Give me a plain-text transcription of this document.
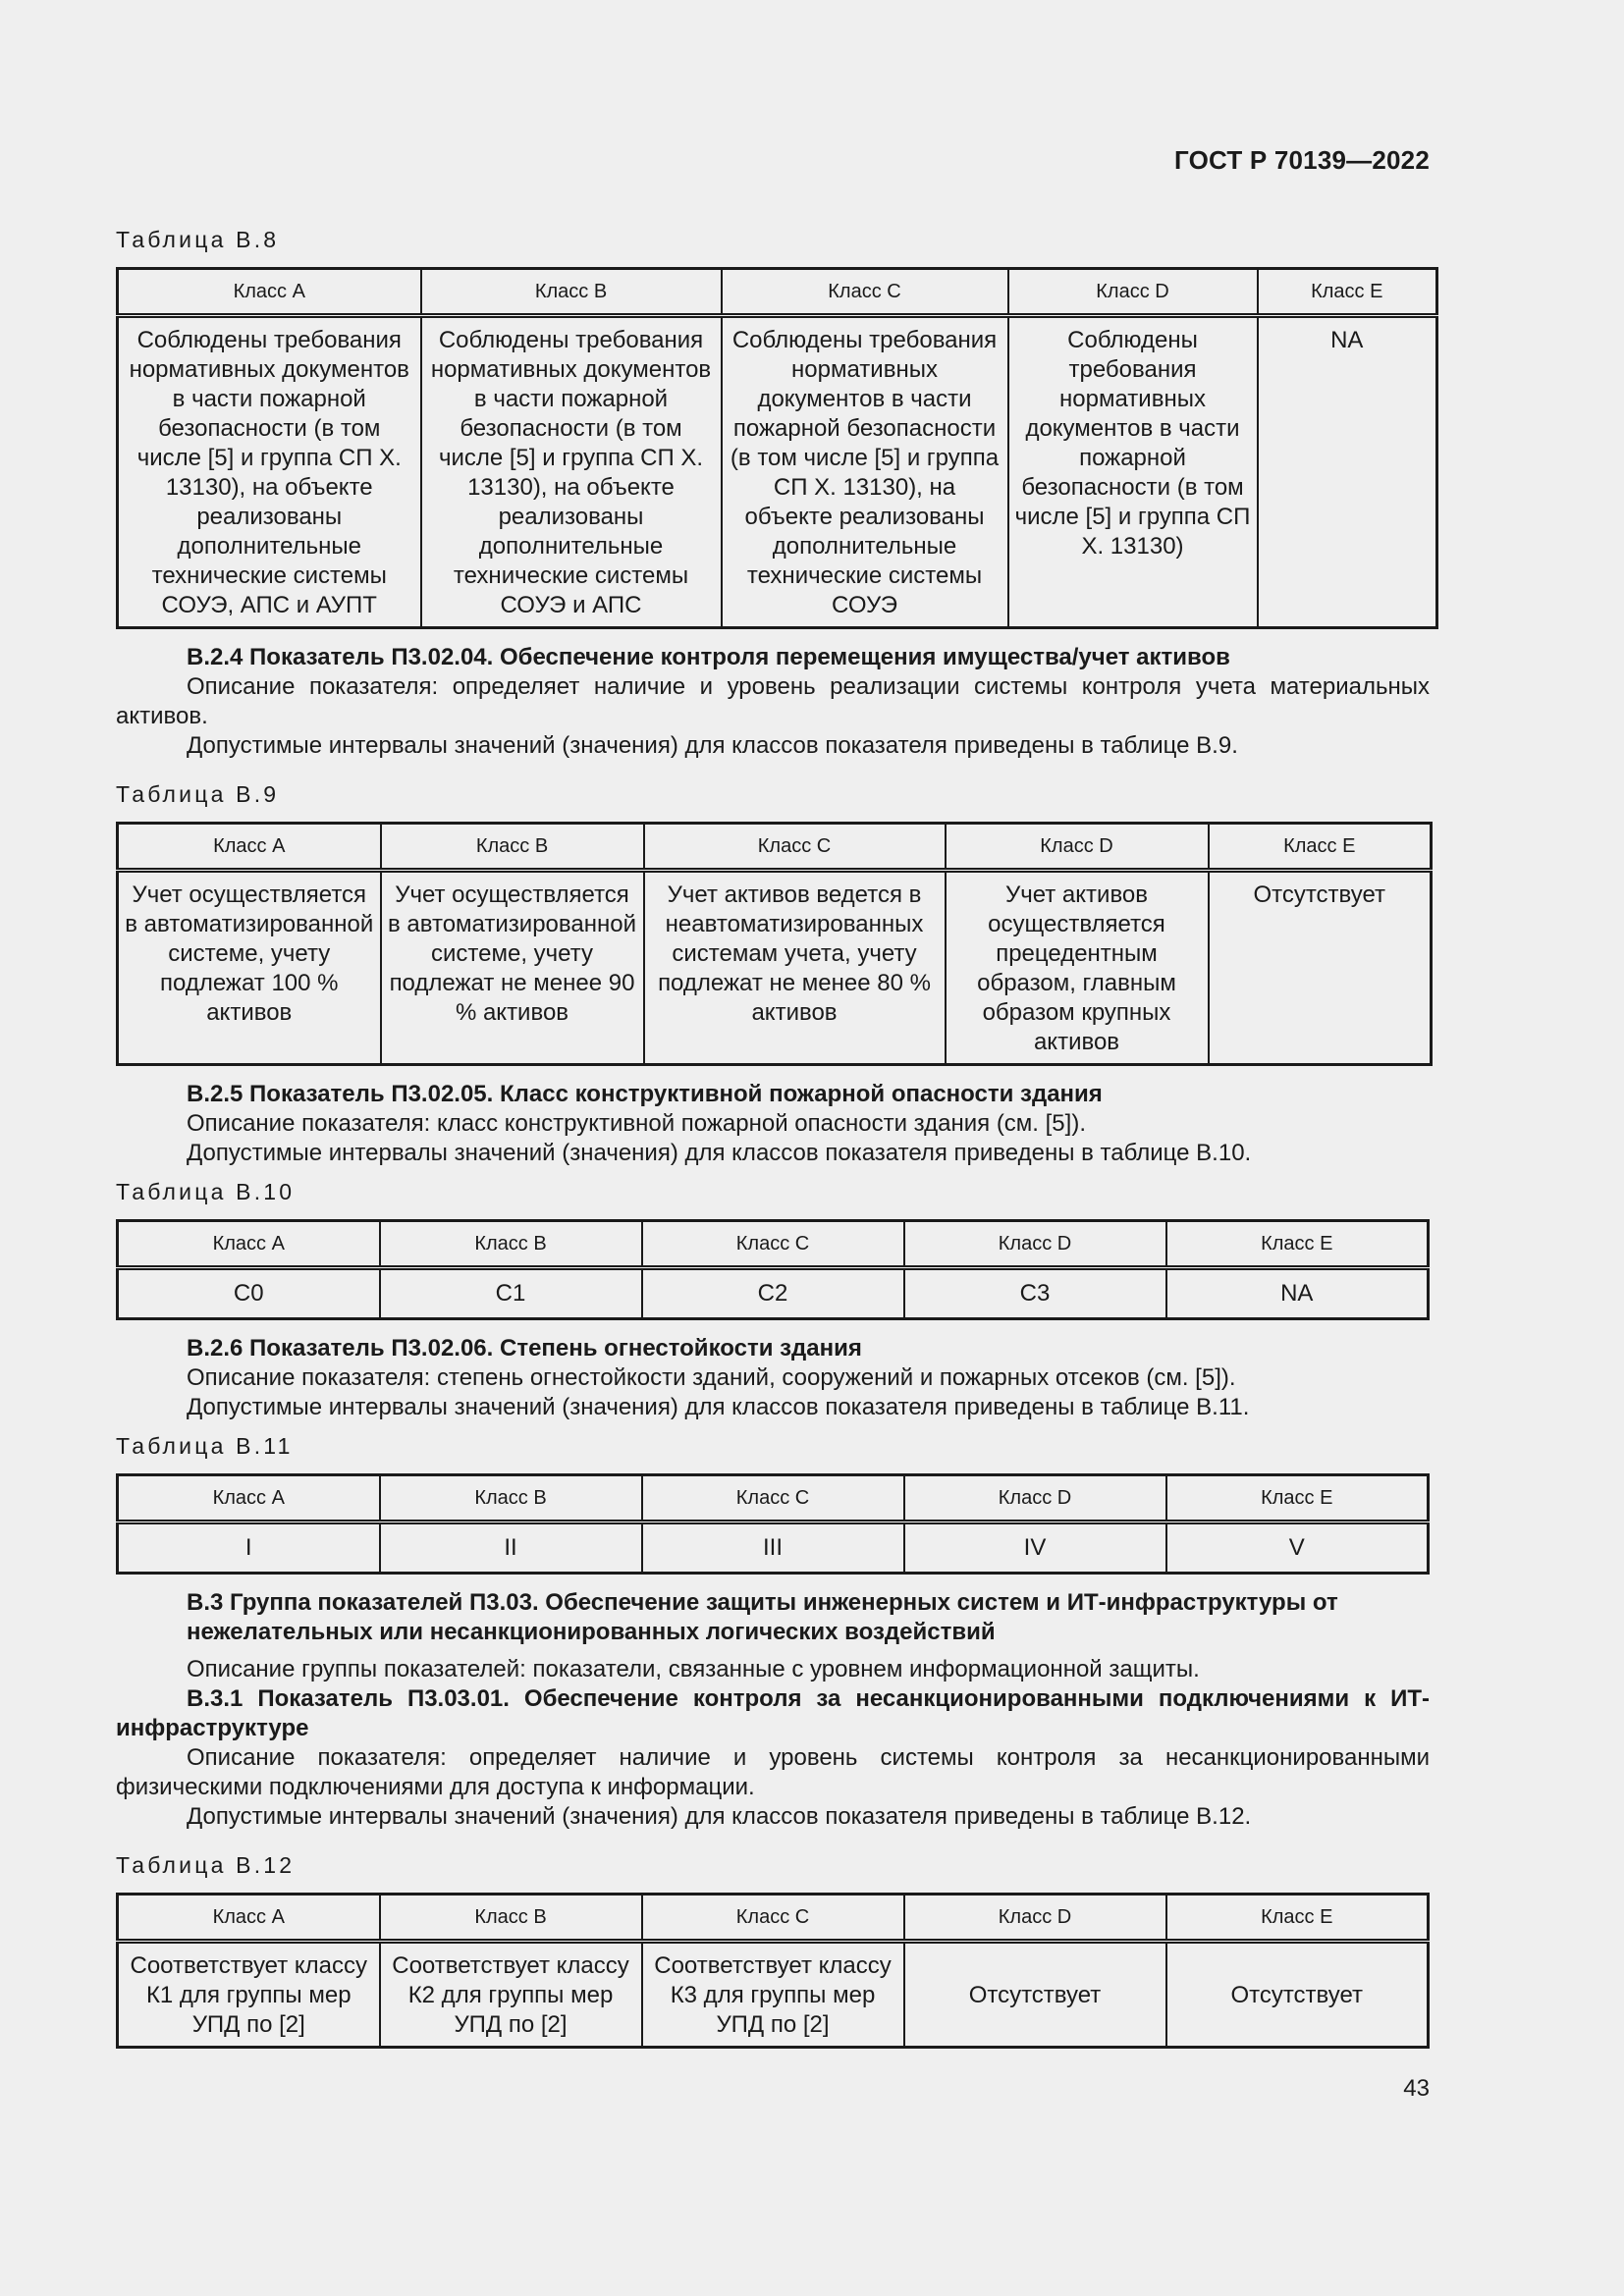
ГОСТ Р 70139—2022
Таблица В.8
Класс A	Класс B	Класс C	Класс D	Класс E
Соблюдены требования нормативных документов в части пожарной безопасности (в том числе [5] и группа СП Х. 13130), на объекте реализованы дополнительные технические системы СОУЭ, АПС и АУПТ	Соблюдены требования нормативных документов в части пожарной безопасности (в том числе [5] и группа СП Х. 13130), на объекте реализованы дополнительные технические системы СОУЭ и АПС	Соблюдены требования нормативных документов в части пожарной безопасности (в том числе [5] и группа СП Х. 13130), на объекте реализованы дополнительные технические системы СОУЭ	Соблюдены требования нормативных документов в части пожарной безопасности (в том числе [5] и группа СП Х. 13130)	NA

В.2.4 Показатель П3.02.04. Обеспечение контроля перемещения имущества/учет активов

Описание показателя: определяет наличие и уровень реализации системы контроля учета материальных активов.

Допустимые интервалы значений (значения) для классов показателя приведены в таблице В.9.

Таблица В.9
Класс A	Класс B	Класс C	Класс D	Класс E
Учет осуществляется в автоматизированной системе, учету подлежат 100 % активов	Учет осуществляется в автоматизированной системе, учету подлежат не менее 90 % активов	Учет активов ведется в неавтоматизированных системам учета, учету подлежат не менее 80 % активов	Учет активов осуществляется прецедентным образом, главным образом крупных активов	Отсутствует

В.2.5 Показатель П3.02.05. Класс конструктивной пожарной опасности здания

Описание показателя: класс конструктивной пожарной опасности здания (см. [5]).

Допустимые интервалы значений (значения) для классов показателя приведены в таблице В.10.

Таблица В.10
Класс A	Класс B	Класс C	Класс D	Класс E
С0	С1	С2	С3	NA

В.2.6 Показатель П3.02.06. Степень огнестойкости здания

Описание показателя: степень огнестойкости зданий, сооружений и пожарных отсеков (см. [5]).

Допустимые интервалы значений (значения) для классов показателя приведены в таблице В.11.

Таблица В.11
Класс A	Класс B	Класс C	Класс D	Класс E
I	II	III	IV	V

В.3 Группа показателей П3.03. Обеспечение защиты инженерных систем и ИТ-инфраструктуры от нежелательных или несанкционированных логических воздействий

Описание группы показателей: показатели, связанные с уровнем информационной защиты.

В.3.1 Показатель П3.03.01. Обеспечение контроля за несанкционированными подключениями к ИТ-инфраструктуре

Описание показателя: определяет наличие и уровень системы контроля за несанкционированными физическими подключениями для доступа к информации.

Допустимые интервалы значений (значения) для классов показателя приведены в таблице В.12.

Таблица В.12
Класс A	Класс B	Класс C	Класс D	Класс E
Соответствует классу К1 для группы мер УПД по [2]	Соответствует классу К2 для группы мер УПД по [2]	Соответствует классу К3 для группы мер УПД по [2]	Отсутствует	Отсутствует
43
